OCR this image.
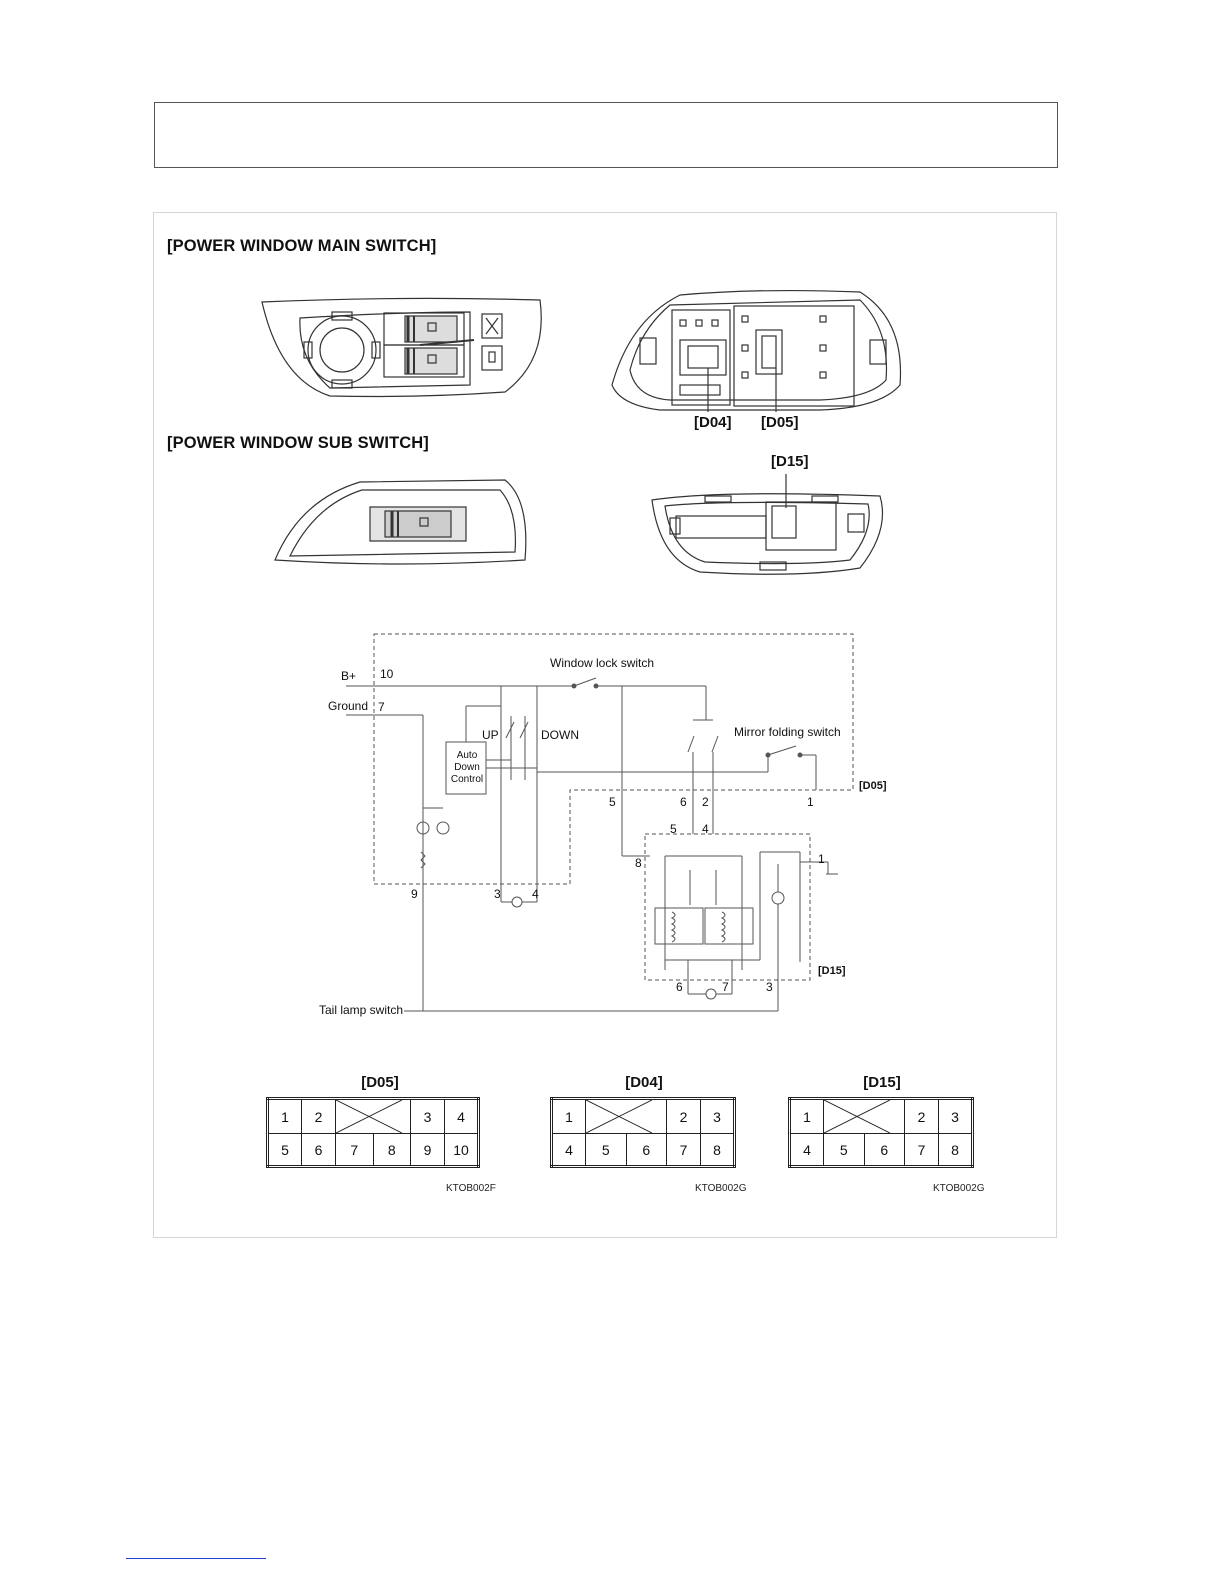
[POWER WINDOW MAIN SWITCH]
[POWER WINDOW SUB SWITCH]
[D04] [D05]
[D15]
B+ 10
Ground 7
Window lock switch
UP	DOWN
Auto
Down
Control
Mirror folding switch
[D05]
5	6 2	1
5 4
8	1
9	3	4
[D15]
6	7	3
Tail lamp switch
[D05]
1	2			3	4
5	6	7	8	9	10
KTOB002F
[D04]
1			2	3
4	5	6	7	8
KTOB002G
[D15]
1			2	3
4	5	6	7	8
KTOB002G
